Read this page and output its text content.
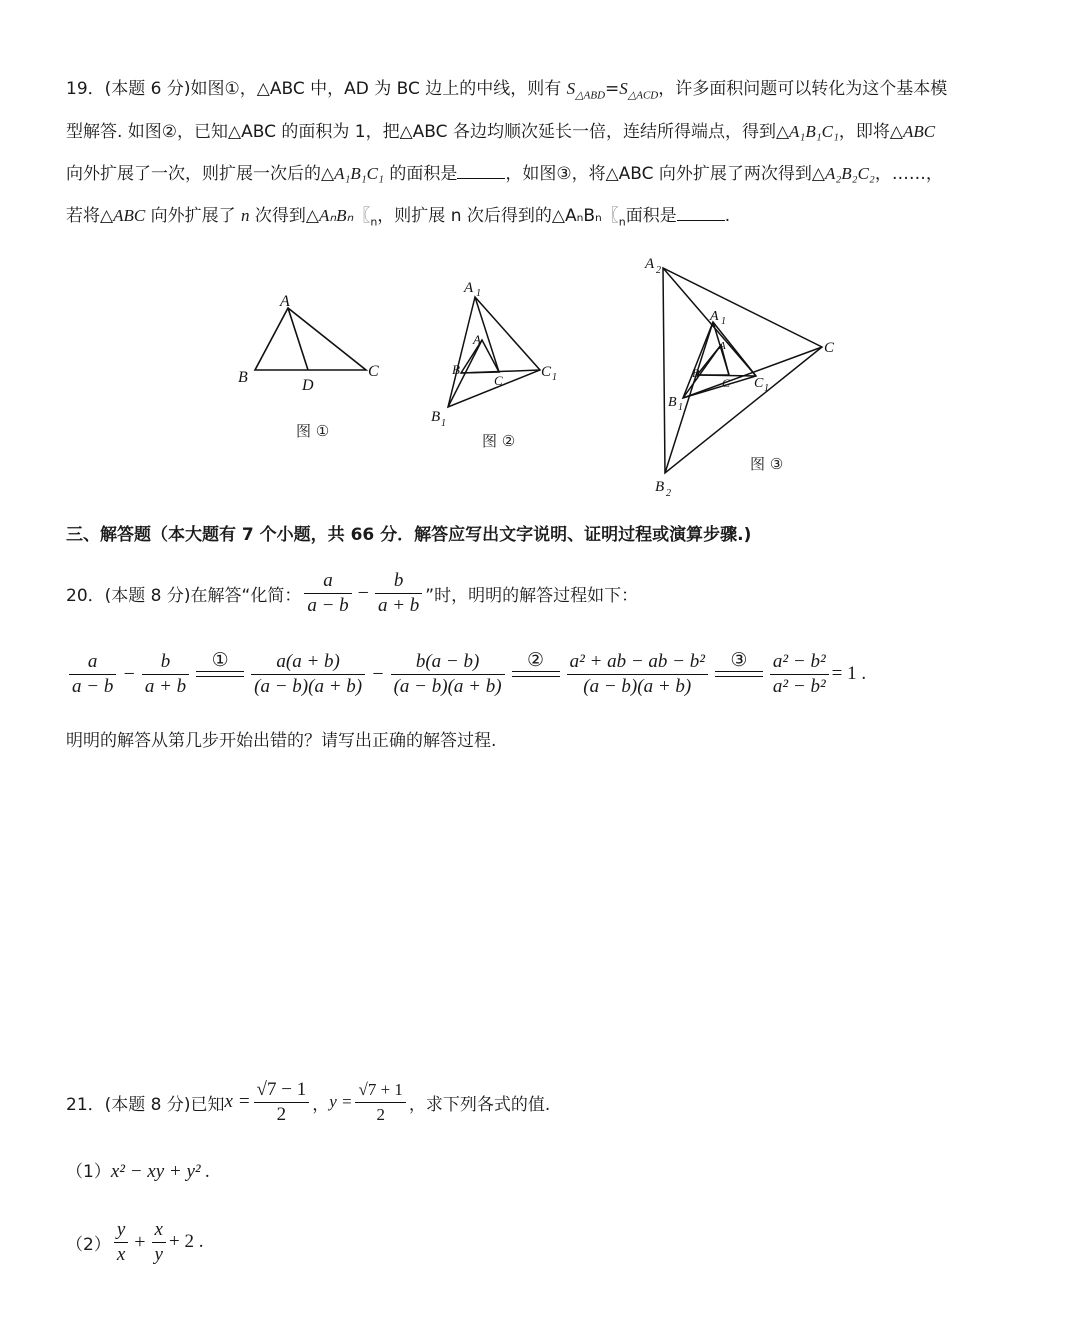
19．(本题 6 分)如图①，△ABC 中，AD 为 BC 边上的中线，则有 $S_{\triangle ABD}=S_{\triangle ACD}$，许多面积问题可以转化为这个基本模
型解答. 如图②，已知△ABC 的面积为 1，把△ABC 各边均顺次延长一倍，连结所得端点，得到△A₁B₁C₁，即将△ABC
向外扩展了一次，则扩展一次后的△A₁B₁C₁ 的面积是	，如图③，将△ABC 向外扩展了两次得到△A₂B₂C₂，……，
若将△ABC 向外扩展了 n 次得到△AₙBₙ〖$_n$，则扩展 n 次后得到的△AₙBₙ〖$_n$面积是	.
A
B	C
D
图 ①
A 1
A
B
C
C 1
B 1
图 ②
A 2
A 1
A
B
C C 1
B 1
B 2
C
图 ③
三、解答题（本大题有 7 个小题，共 66 分．解答应写出文字说明、证明过程或演算步骤.)
20．(本题 8 分)在解答“化简： $\frac{a}{a - b} - \frac{b}{a + b}$ ”时，明明的解答过程如下：
$\frac{a}{a - b} - \frac{b}{a + b}$ ① $\frac{a(a + b)}{(a - b)(a + b)} - \frac{b(a - b)}{(a - b)(a + b)}$ ② $\frac{\text{a² + ab − ab − b²}}{(a - b)(a + b)}$ ③ $\frac{\text{a² − b²}}{\text{a² − b²}} = 1$ .
明明的解答从第几步开始出错的？请写出正确的解答过程.
21．(本题 8 分)已知 $x = \frac{√7 - 1}{2}$ ， $y = \frac{√7 + 1}{2}$ ，求下列各式的值.
（1）x² − xy + y² .
$(2) \frac{y}{x} + \frac{x}{y} + 2$ .
